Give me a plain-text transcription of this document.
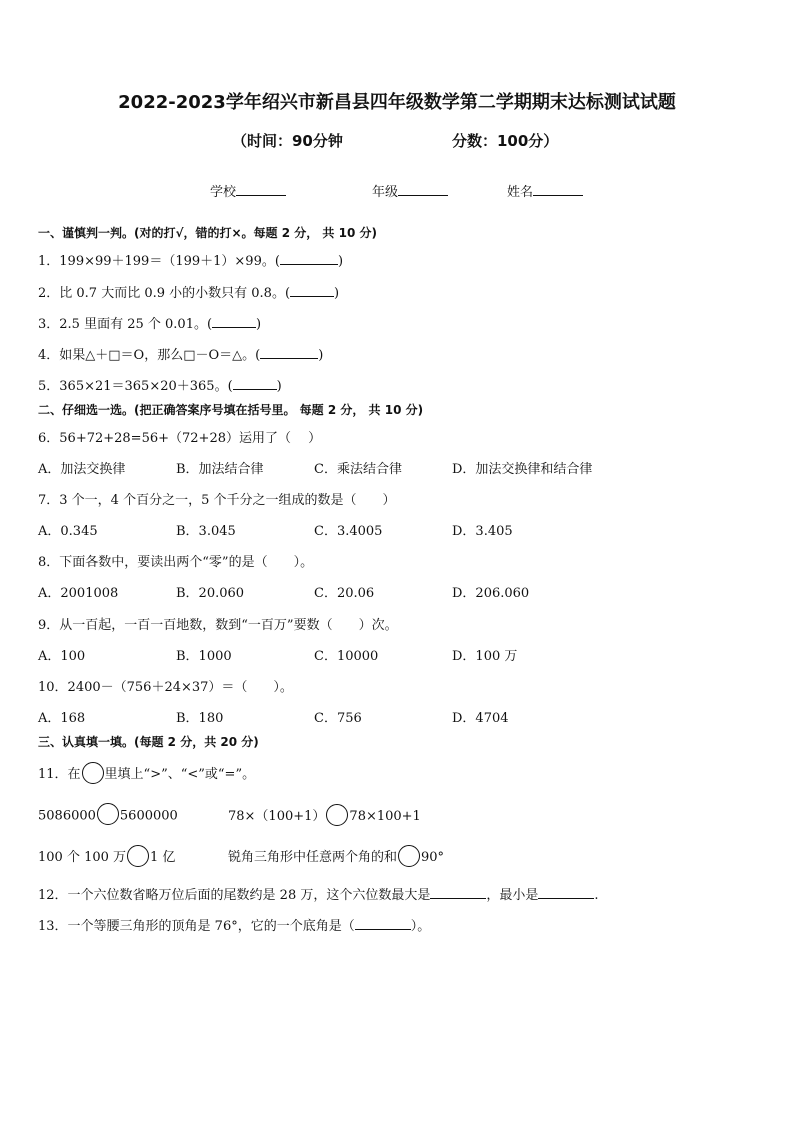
2022-2023学年绍兴市新昌县四年级数学第二学期期末达标测试试题
（时间：90分钟	分数：100分）
学校	年级	姓名
一、谨慎判一判。(对的打√，错的打×。每题 2 分， 共 10 分)
1．199×99＋199＝（199＋1）×99。(	)
2．比 0.7 大而比 0.9 小的小数只有 0.8。(	)
3．2.5 里面有 25 个 0.01。(	)
4．如果△＋□＝O，那么□－O＝△。(	)
5．365×21＝365×20＋365。(	)
二、仔细选一选。(把正确答案序号填在括号里。 每题 2 分， 共 10 分)
6．56+72+28=56+（72+28）运用了（　 ）
A．加法交换律	B．加法结合律	C．乘法结合律	D．加法交换律和结合律
7．3 个一，4 个百分之一，5 个千分之一组成的数是（　　）
A．0.345	B．3.045	C．3.4005	D．3.405
8．下面各数中，要读出两个“零”的是（　　）。
A．2001008	B．20.060	C．20.06	D．206.060
9．从一百起，一百一百地数，数到“一百万”要数（　　）次。
A．100	B．1000	C．10000	D．100 万
10．2400－（756＋24×37）＝（　　）。
A．168	B．180	C．756	D．4704
三、认真填一填。(每题 2 分，共 20 分)
11．在 里填上“>”、“<”或“=”。
5086000 5600000	78×（100+1） 78×100+1
100 个 100 万 1 亿	锐角三角形中任意两个角的和 90°
12．一个六位数省略万位后面的尾数约是 28 万，这个六位数最大是	，最小是	.
13．一个等腰三角形的顶角是 76°，它的一个底角是（	）。
